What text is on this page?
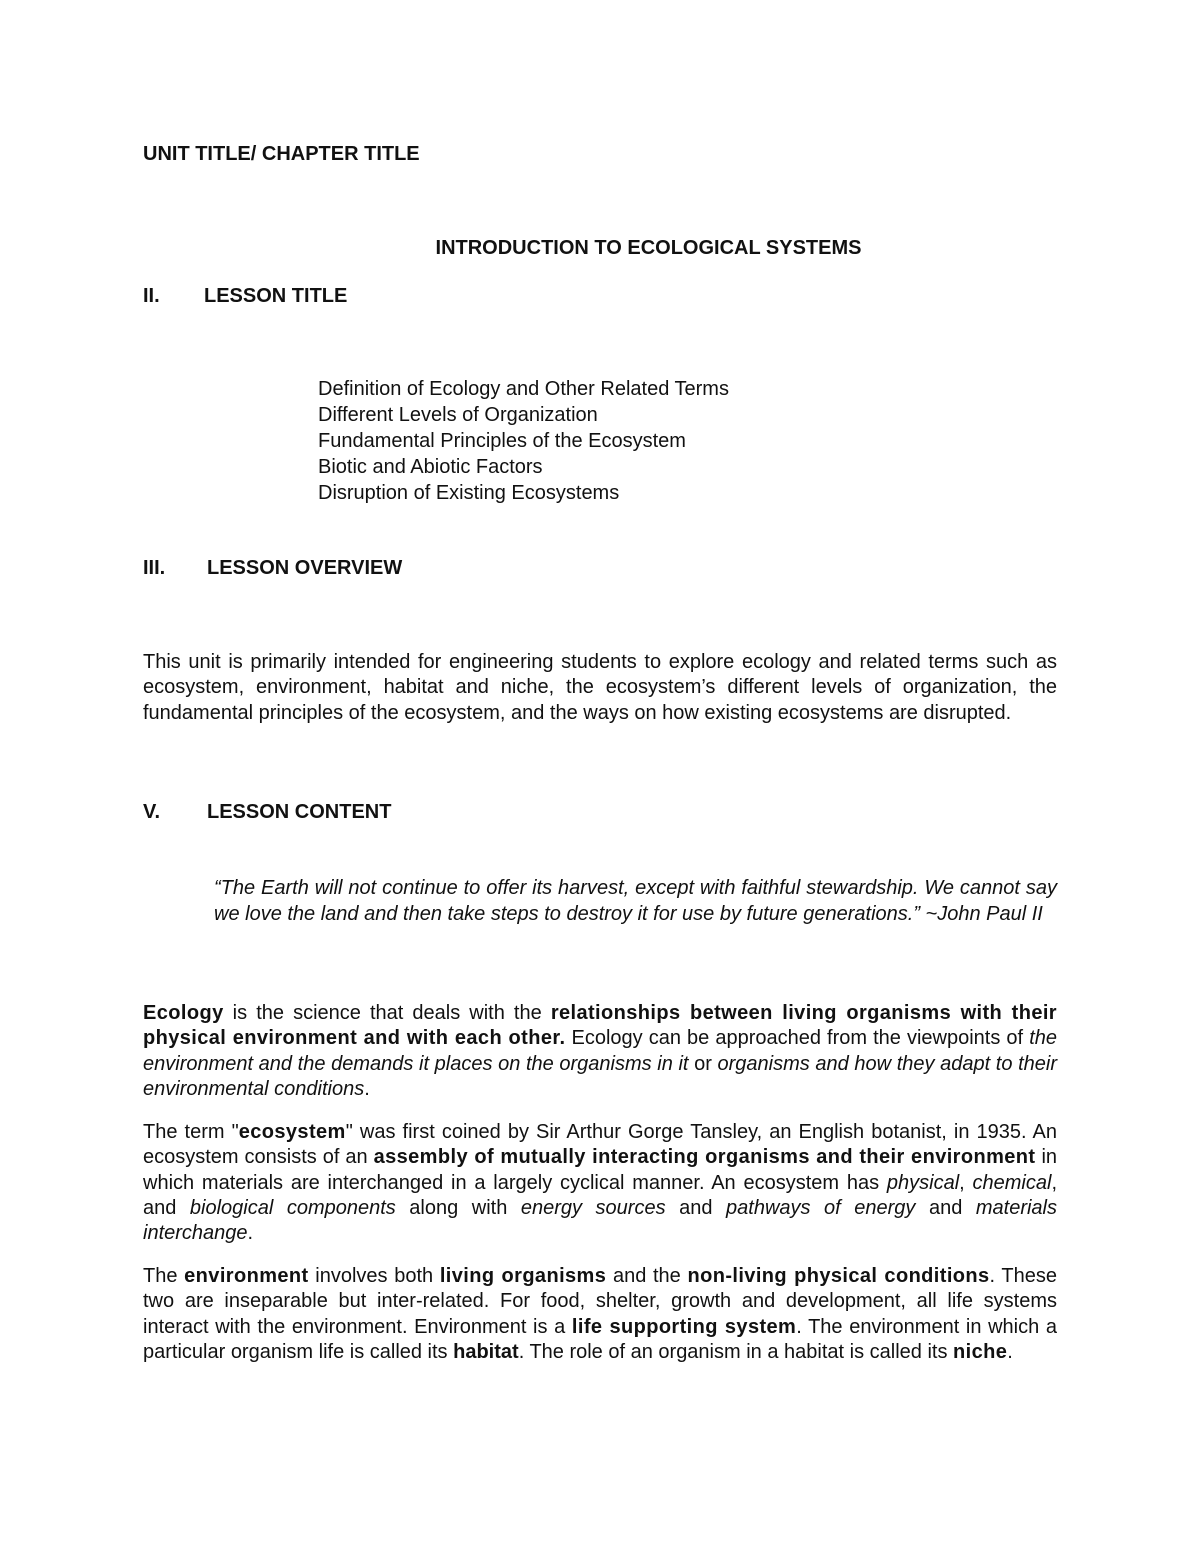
UNIT TITLE/ CHAPTER TITLE
INTRODUCTION TO ECOLOGICAL SYSTEMS
II. LESSON TITLE
Definition of Ecology and Other Related Terms
Different Levels of Organization
Fundamental Principles of the Ecosystem
Biotic and Abiotic Factors
Disruption of Existing Ecosystems
III. LESSON OVERVIEW

This unit is primarily intended for engineering students to explore ecology and related terms such as ecosystem, environment, habitat and niche, the ecosystem’s different levels of organization, the fundamental principles of the ecosystem, and the ways on how existing ecosystems are disrupted.

V. LESSON CONTENT

“The Earth will not continue to offer its harvest, except with faithful stewardship. We cannot say we love the land and then take steps to destroy it for use by future generations.” ~John Paul II

Ecology is the science that deals with the relationships between living organisms with their physical environment and with each other. Ecology can be approached from the viewpoints of the environment and the demands it places on the organisms in it or organisms and how they adapt to their environmental conditions.

The term "ecosystem" was first coined by Sir Arthur Gorge Tansley, an English botanist, in 1935. An ecosystem consists of an assembly of mutually interacting organisms and their environment in which materials are interchanged in a largely cyclical manner. An ecosystem has physical, chemical, and biological components along with energy sources and pathways of energy and materials interchange.

The environment involves both living organisms and the non-living physical conditions. These two are inseparable but inter-related. For food, shelter, growth and development, all life systems interact with the environment. Environment is a life supporting system. The environment in which a particular organism life is called its habitat. The role of an organism in a habitat is called its niche.
